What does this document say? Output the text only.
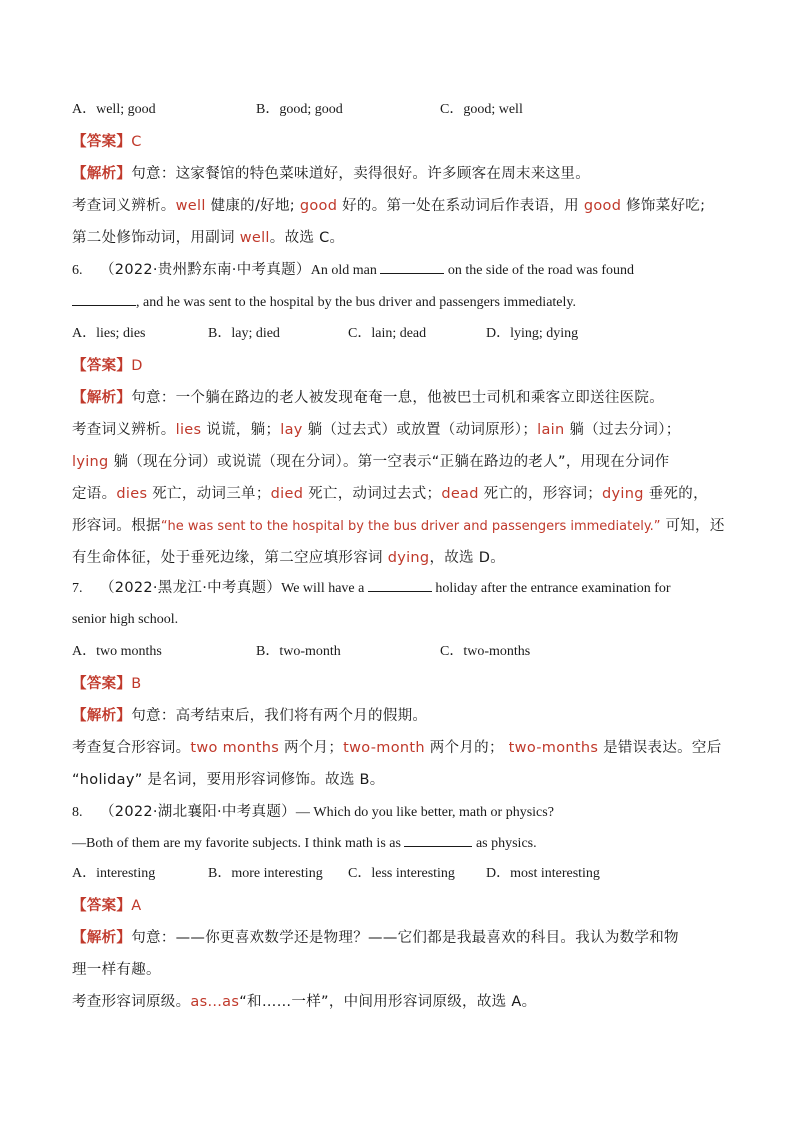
A．well; good	B．good; good	C．good; well
【答案】C
【解析】句意：这家餐馆的特色菜味道好，卖得很好。许多顾客在周末来这里。
考查词义辨析。well 健康的/好地; good 好的。第一处在系动词后作表语，用 good 修饰菜好吃;
第二处修饰动词，用副词 well。故选 C。
6. （2022·贵州黔东南·中考真题）An old man	on the side of the road was found
, and he was sent to the hospital by the bus driver and passengers immediately.
A．lies; dies	B．lay; died	C．lain; dead	D．lying; dying
【答案】D
【解析】句意：一个躺在路边的老人被发现奄奄一息，他被巴士司机和乘客立即送往医院。
考查词义辨析。lies 说谎，躺；lay 躺（过去式）或放置（动词原形）；lain 躺（过去分词）；
lying 躺（现在分词）或说谎（现在分词）。第一空表示“正躺在路边的老人”，用现在分词作
定语。dies 死亡，动词三单；died 死亡，动词过去式；dead 死亡的，形容词；dying 垂死的，
形容词。根据“he was sent to the hospital by the bus driver and passengers immediately.” 可知，还
有生命体征，处于垂死边缘，第二空应填形容词 dying，故选 D。
7. （2022·黑龙江·中考真题）We will have a	holiday after the entrance examination for
senior high school.
A．two months	B．two-month	C．two-months
【答案】B
【解析】句意：高考结束后，我们将有两个月的假期。
考查复合形容词。two months 两个月；two-month 两个月的； two-months 是错误表达。空后
“holiday” 是名词，要用形容词修饰。故选 B。
8. （2022·湖北襄阳·中考真题）— Which do you like better, math or physics?
—Both of them are my favorite subjects. I think math is as	as physics.
A．interesting	B．more interesting C．less interesting D．most interesting
【答案】A
【解析】句意：——你更喜欢数学还是物理？——它们都是我最喜欢的科目。我认为数学和物
理一样有趣。
考查形容词原级。as...as“和……一样”，中间用形容词原级，故选 A。
